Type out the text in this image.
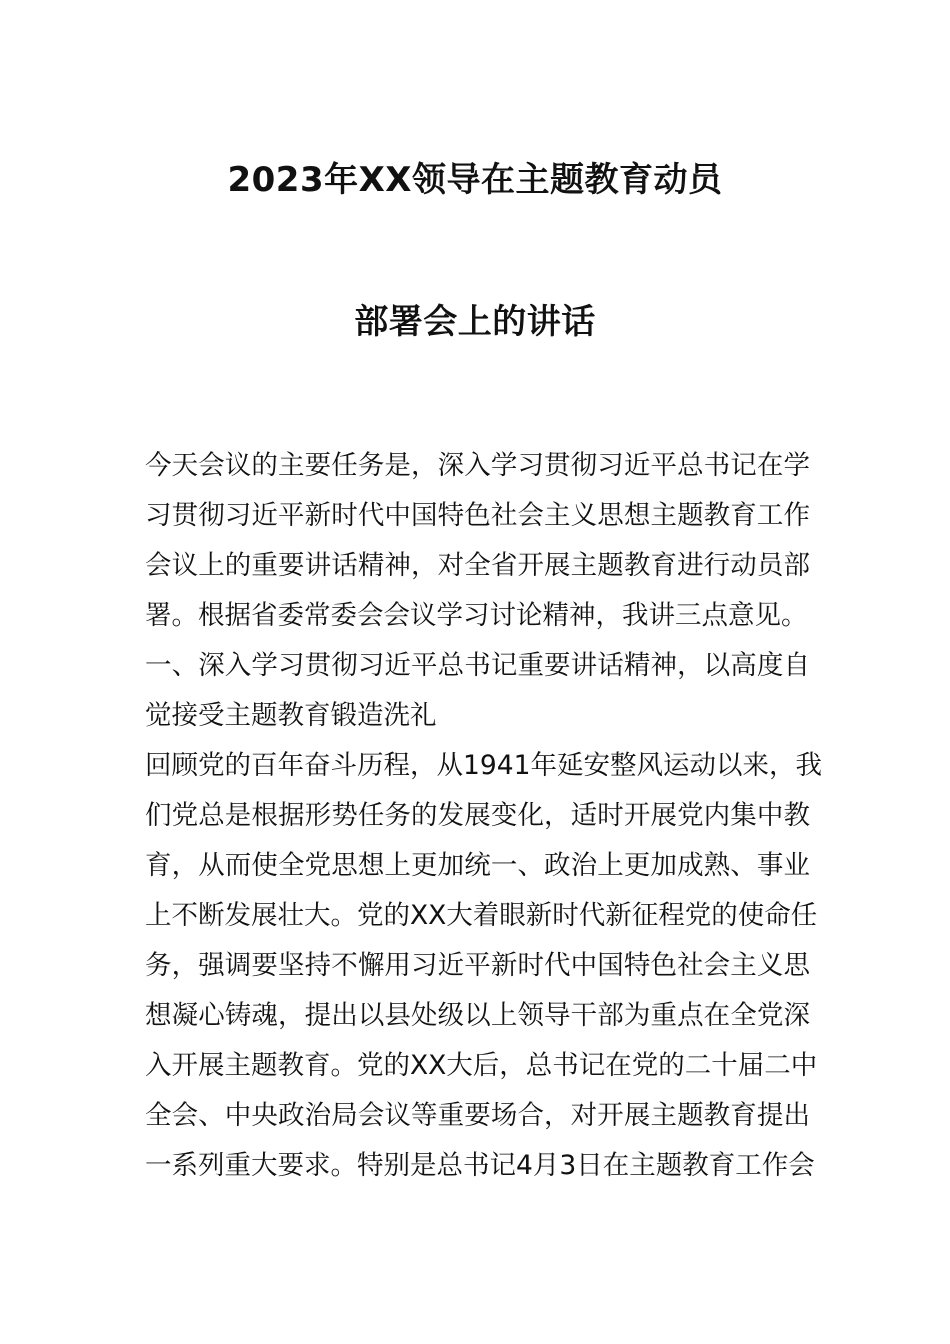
2023年XX领导在主题教育动员
部署会上的讲话
今天会议的主要任务是，深入学习贯彻习近平总书记在学
习贯彻习近平新时代中国特色社会主义思想主题教育工作
会议上的重要讲话精神，对全省开展主题教育进行动员部
署。根据省委常委会会议学习讨论精神，我讲三点意见。
一、深入学习贯彻习近平总书记重要讲话精神，以高度自
觉接受主题教育锻造洗礼
回顾党的百年奋斗历程，从1941年延安整风运动以来，我
们党总是根据形势任务的发展变化，适时开展党内集中教
育，从而使全党思想上更加统一、政治上更加成熟、事业
上不断发展壮大。党的XX大着眼新时代新征程党的使命任
务，强调要坚持不懈用习近平新时代中国特色社会主义思
想凝心铸魂，提出以县处级以上领导干部为重点在全党深
入开展主题教育。党的XX大后，总书记在党的二十届二中
全会、中央政治局会议等重要场合，对开展主题教育提出
一系列重大要求。特别是总书记4月3日在主题教育工作会
